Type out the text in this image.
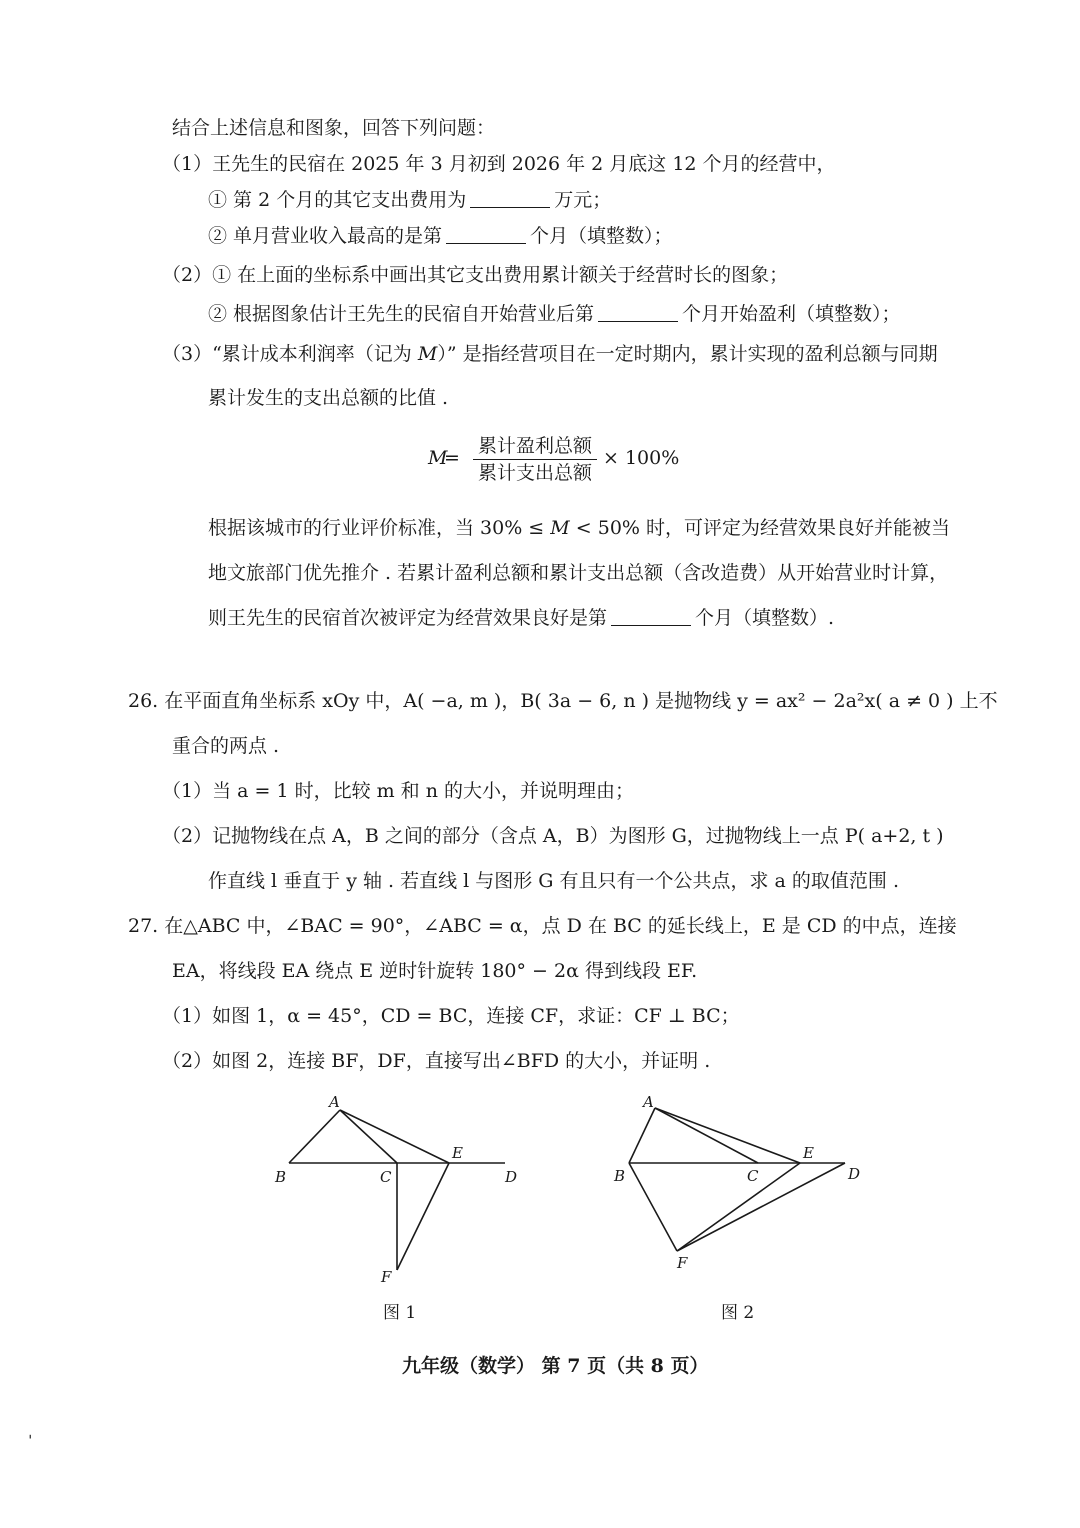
结合上述信息和图象，回答下列问题：
（1）王先生的民宿在 2025 年 3 月初到 2026 年 2 月底这 12 个月的经营中，
① 第 2 个月的其它支出费用为	万元；
② 单月营业收入最高的是第	个月（填整数）；
（2）① 在上面的坐标系中画出其它支出费用累计额关于经营时长的图象；
② 根据图象估计王先生的民宿自开始营业后第	个月开始盈利（填整数）；
（3）“累计成本利润率（记为 M）” 是指经营项目在一定时期内，累计实现的盈利总额与同期
累计发生的支出总额的比值 .
M
=
累计盈利总额
累计支出总额
× 100%
根据该城市的行业评价标准，当 30% ≤ M < 50% 时，可评定为经营效果良好并能被当
地文旅部门优先推介 . 若累计盈利总额和累计支出总额（含改造费）从开始营业时计算，
则王先生的民宿首次被评定为经营效果良好是第	个月（填整数）.
26. 在平面直角坐标系 xOy 中，A( −a, m )，B( 3a − 6, n ) 是抛物线 y = ax² − 2a²x( a ≠ 0 ) 上不
重合的两点 .
（1）当 a = 1 时，比较 m 和 n 的大小，并说明理由；
（2）记抛物线在点 A，B 之间的部分（含点 A，B）为图形 G，过抛物线上一点 P( a+2, t )
作直线 l 垂直于 y 轴 . 若直线 l 与图形 G 有且只有一个公共点，求 a 的取值范围 .
27. 在△ABC 中，∠BAC = 90°，∠ABC = α，点 D 在 BC 的延长线上，E 是 CD 的中点，连接
EA，将线段 EA 绕点 E 逆时针旋转 180° − 2α 得到线段 EF.
（1）如图 1，α = 45°，CD = BC，连接 CF，求证：CF ⊥ BC；
（2）如图 2，连接 BF，DF，直接写出∠BFD 的大小，并证明 .
A
B	C	D
E
F
图 1
A
B	C	D
E
F
图 2
九年级（数学） 第 7 页（共 8 页）
ˈ
